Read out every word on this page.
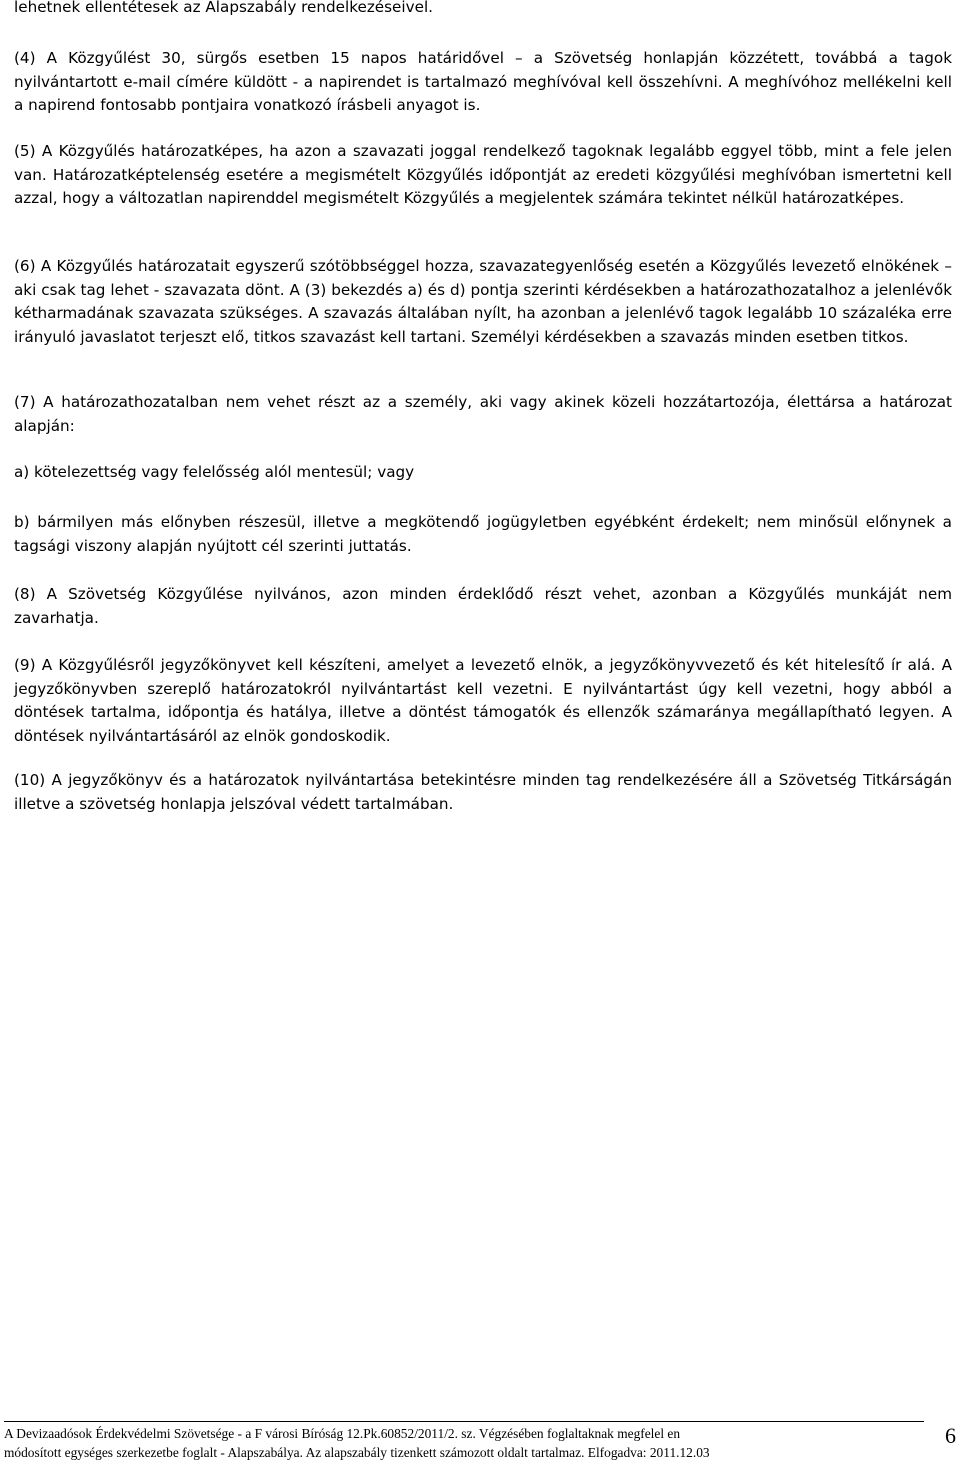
lehetnek ellentétesek az Alapszabály rendelkezéseivel.

(4) A Közgyűlést 30, sürgős esetben 15 napos határidővel – a Szövetség honlapján közzétett, továbbá a tagok nyilvántartott e-mail címére küldött - a napirendet is tartalmazó meghívóval kell összehívni. A meghívóhoz mellékelni kell a napirend fontosabb pontjaira vonatkozó írásbeli anyagot is.

(5) A Közgyűlés határozatképes, ha azon a szavazati joggal rendelkező tagoknak legalább eggyel több, mint a fele jelen van. Határozatképtelenség esetére a megismételt Közgyűlés időpontját az eredeti közgyűlési meghívóban ismertetni kell azzal, hogy a változatlan napirenddel megismételt Közgyűlés a megjelentek számára tekintet nélkül határozatképes.

(6) A Közgyűlés határozatait egyszerű szótöbbséggel hozza, szavazategyenlőség esetén a Közgyűlés levezető elnökének – aki csak tag lehet - szavazata dönt. A (3) bekezdés a) és d) pontja szerinti kérdésekben a határozathozatalhoz a jelenlévők kétharmadának szavazata szükséges. A szavazás általában nyílt, ha azonban a jelenlévő tagok legalább 10 százaléka erre irányuló javaslatot terjeszt elő, titkos szavazást kell tartani. Személyi kérdésekben a szavazás minden esetben titkos.

(7) A határozathozatalban nem vehet részt az a személy, aki vagy akinek közeli hozzátartozója, élettársa a határozat alapján:

a) kötelezettség vagy felelősség alól mentesül; vagy

b) bármilyen más előnyben részesül, illetve a megkötendő jogügyletben egyébként érdekelt; nem minősül előnynek a tagsági viszony alapján nyújtott cél szerinti juttatás.

(8) A Szövetség Közgyűlése nyilvános, azon minden érdeklődő részt vehet, azonban a Közgyűlés munkáját nem zavarhatja.

(9) A Közgyűlésről jegyzőkönyvet kell készíteni, amelyet a levezető elnök, a jegyzőkönyvvezető és két hitelesítő ír alá. A jegyzőkönyvben szereplő határozatokról nyilvántartást kell vezetni. E nyilvántartást úgy kell vezetni, hogy abból a döntések tartalma, időpontja és hatálya, illetve a döntést támogatók és ellenzők számaránya megállapítható legyen. A döntések nyilvántartásáról az elnök gondoskodik.

(10) A jegyzőkönyv és a határozatok nyilvántartása betekintésre minden tag rendelkezésére áll a Szövetség Titkárságán illetve a szövetség honlapja jelszóval védett tartalmában.

A Devizaadósok Érdekvédelmi Szövetsége - a F városi Bíróság 12.Pk.60852/2011/2. sz. Végzésében foglaltaknak megfelel en
módosított egységes szerkezetbe foglalt - Alapszabálya. Az alapszabály tizenkett számozott oldalt tartalmaz. Elfogadva: 2011.12.03
6
